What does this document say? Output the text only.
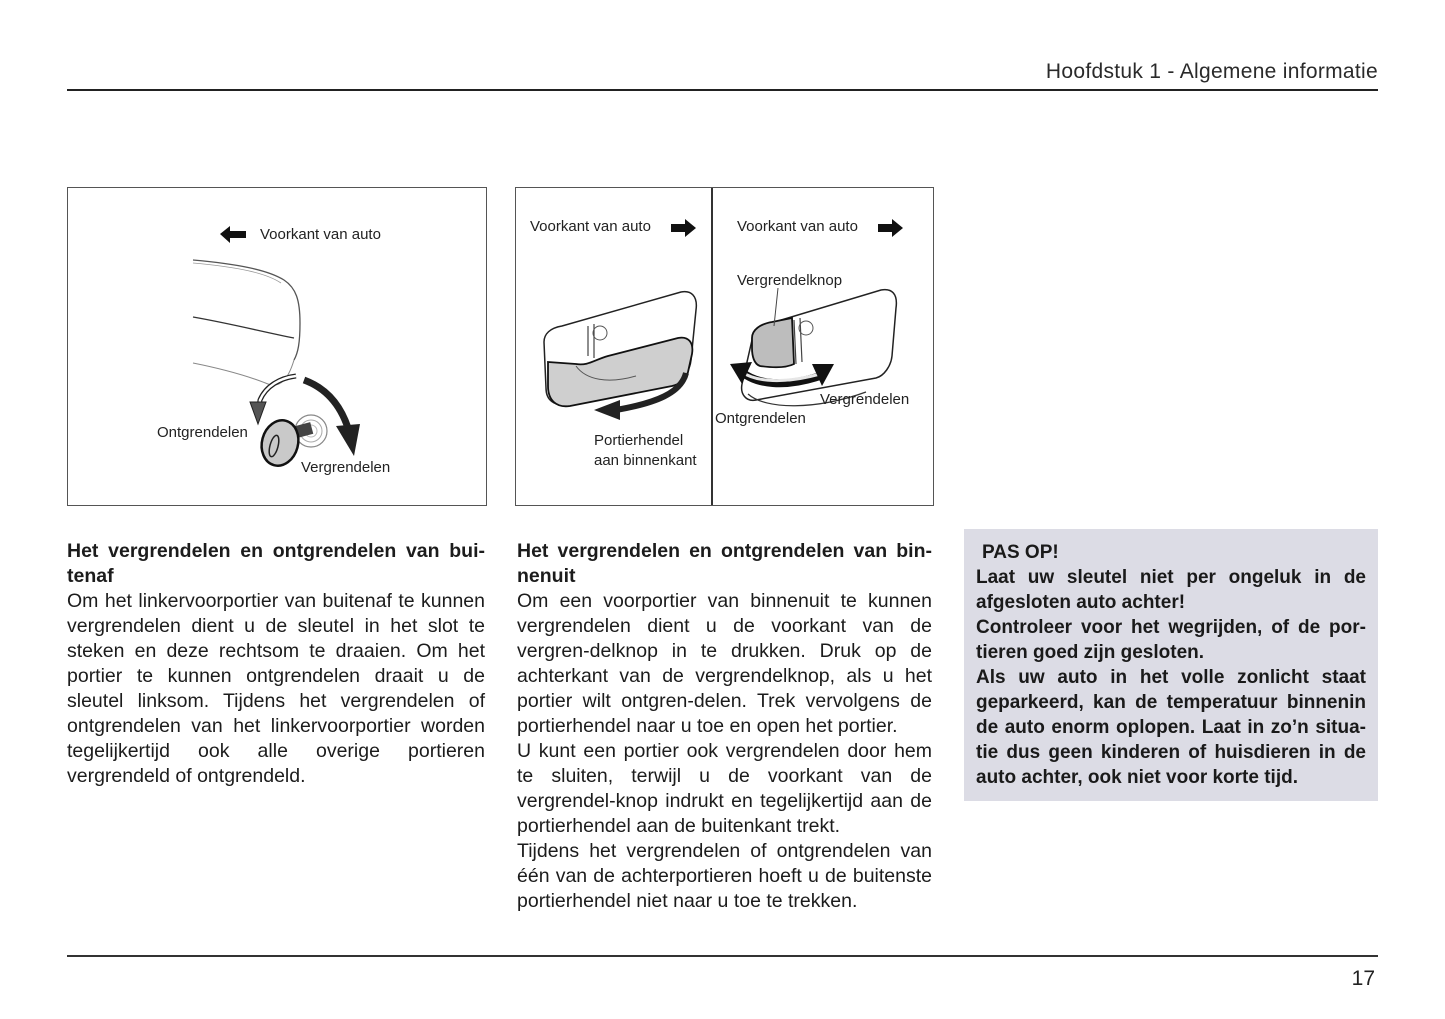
Hoofdstuk 1 - Algemene informatie
Voorkant van auto
Ontgrendelen
Vergrendelen
Voorkant van auto
Portierhendel
aan binnenkant
Voorkant van auto
Vergrendelknop
Vergrendelen
Ontgrendelen
Het vergrendelen en ontgrendelen van bui-tenaf

Om het linkervoorportier van buitenaf te kunnen vergrendelen dient u de sleutel in het slot te steken en deze rechtsom te draaien. Om het portier te kunnen ontgrendelen draait u de sleutel linksom. Tijdens het vergrendelen of ontgrendelen van het linkervoorportier worden tegelijkertijd ook alle overige portieren vergrendeld of ontgrendeld.

Het vergrendelen en ontgrendelen van bin-nenuit

Om een voorportier van binnenuit te kunnen vergrendelen dient u de voorkant van de vergren-delknop in te drukken. Druk op de achterkant van de vergrendelknop, als u het portier wilt ontgren-delen. Trek vervolgens de portierhendel naar u toe en open het portier.

U kunt een portier ook vergrendelen door hem te sluiten, terwijl u de voorkant van de vergrendel-knop indrukt en tegelijkertijd aan de portierhendel aan de buitenkant trekt.

Tijdens het vergrendelen of ontgrendelen van één van de achterportieren hoeft u de buitenste portierhendel niet naar u toe te trekken.

PAS OP!

Laat uw sleutel niet per ongeluk in de afgesloten auto achter!

Controleer voor het wegrijden, of de por-tieren goed zijn gesloten.

Als uw auto in het volle zonlicht staat geparkeerd, kan de temperatuur binnenin de auto enorm oplopen. Laat in zo’n situa-tie dus geen kinderen of huisdieren in de auto achter, ook niet voor korte tijd.

17
